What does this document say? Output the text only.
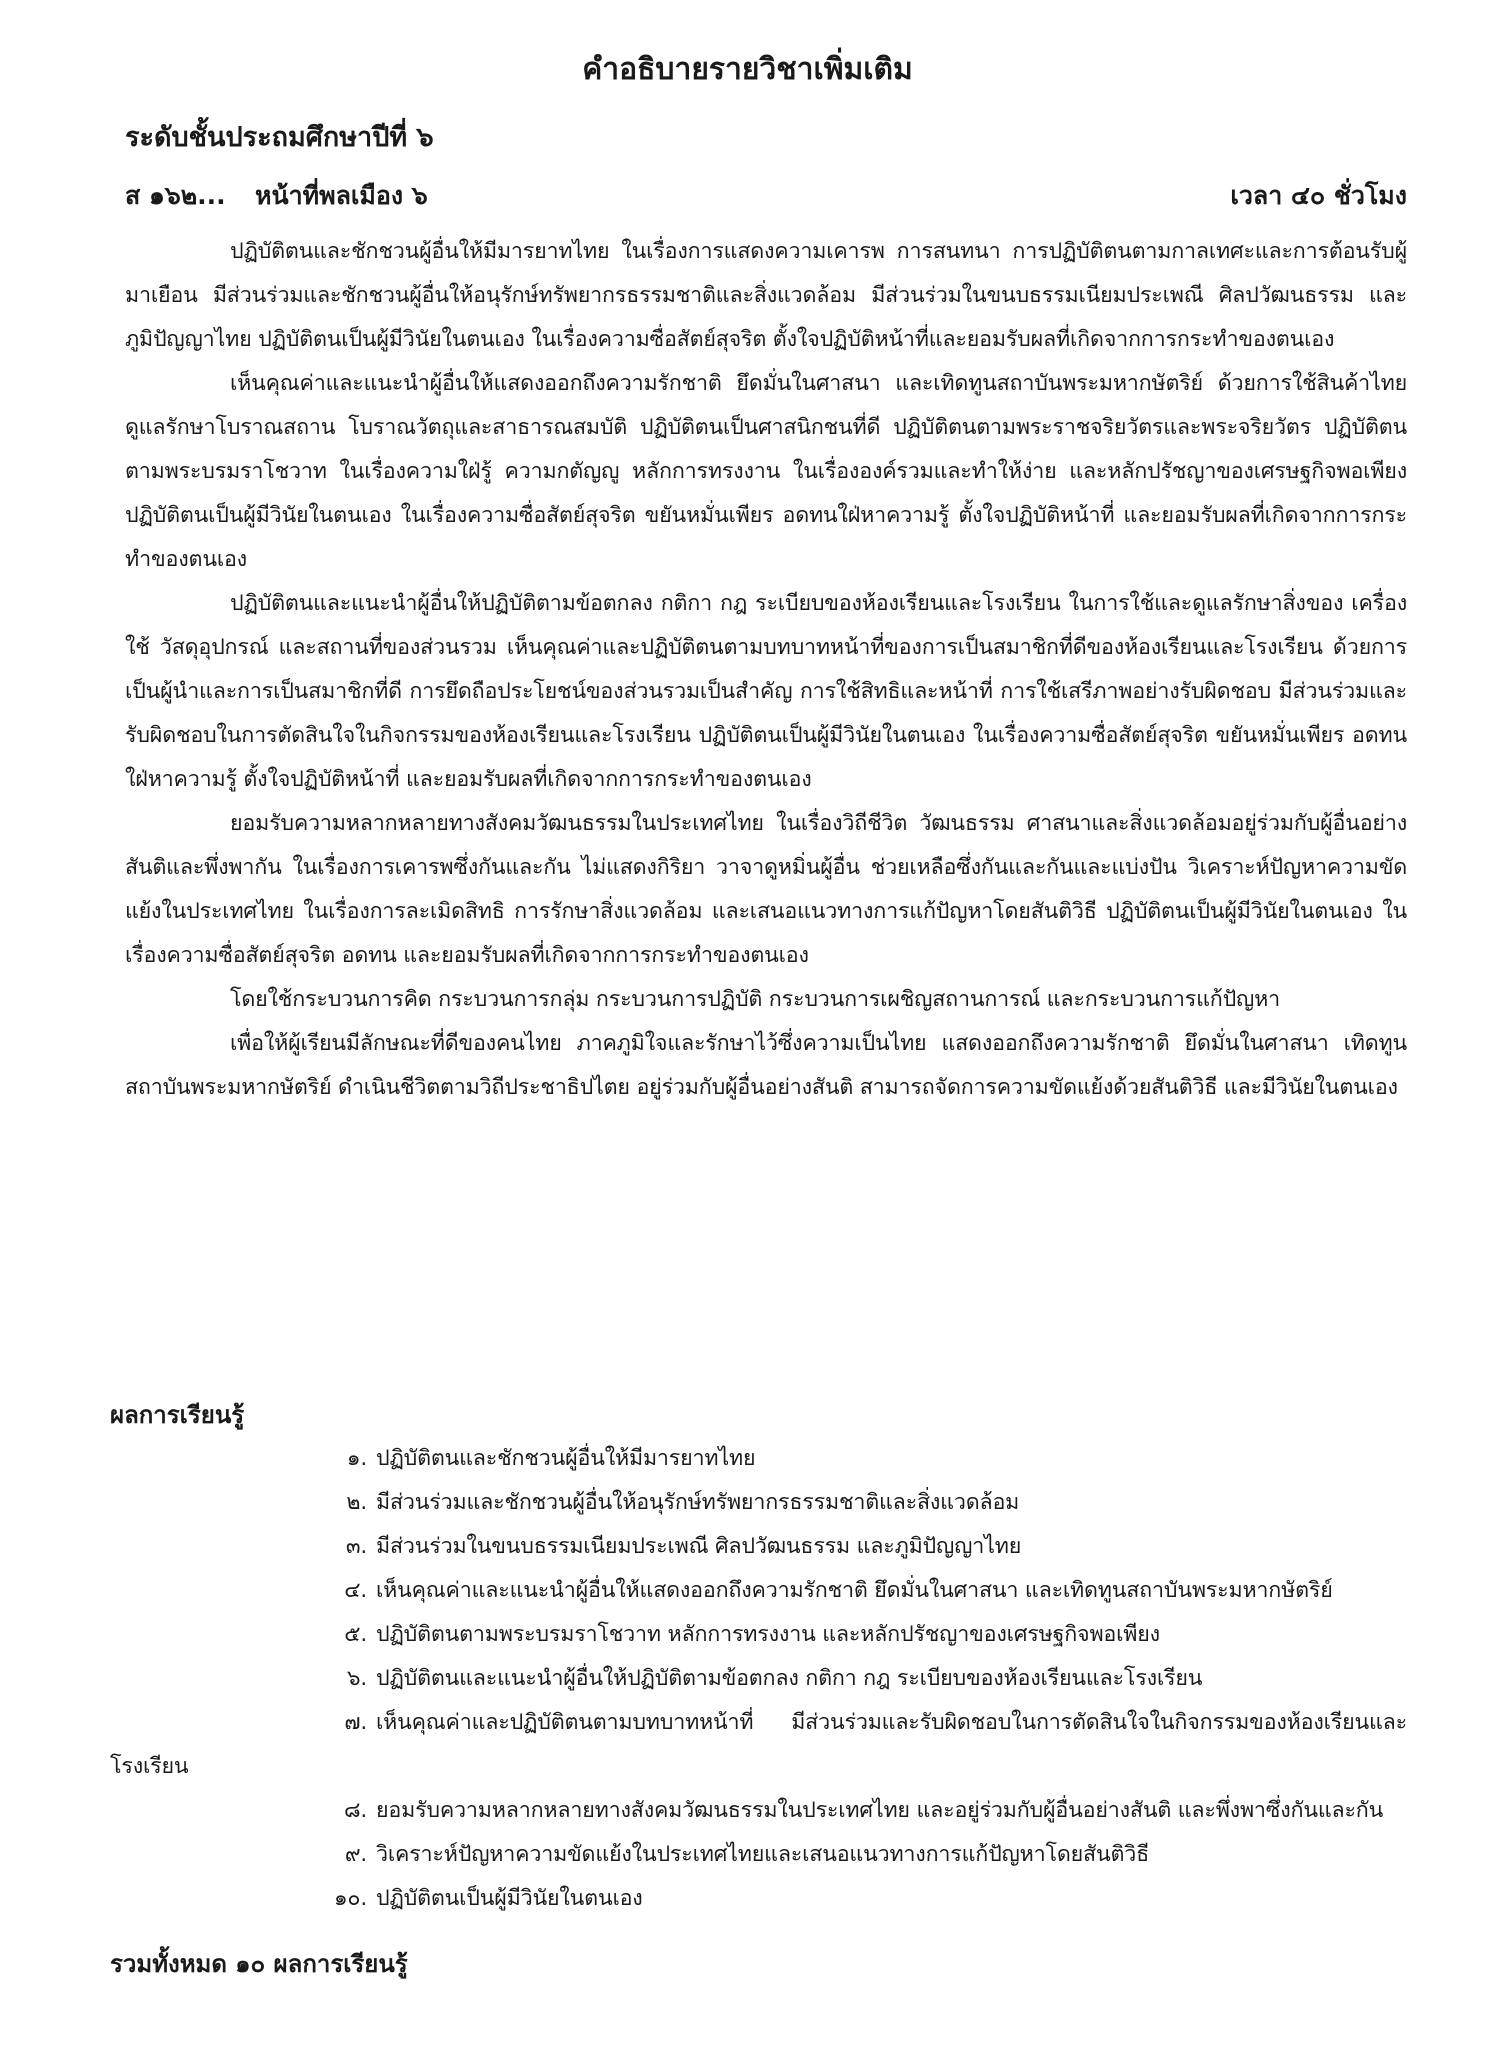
คำอธิบายรายวิชาเพิ่มเติม
ระดับชั้นประถมศึกษาปีที่ ๖
ส ๑๖๒... หน้าที่พลเมือง ๖	เวลา ๔๐ ชั่วโมง

ปฏิบัติตนและชักชวนผู้อื่นให้มีมารยาทไทย ในเรื่องการแสดงความเคารพ การสนทนา การปฏิบัติตนตามกาลเทศะและการต้อนรับผู้มาเยือน มีส่วนร่วมและชักชวนผู้อื่นให้อนุรักษ์ทรัพยากรธรรมชาติและสิ่งแวดล้อม มีส่วนร่วมในขนบธรรมเนียมประเพณี ศิลปวัฒนธรรม และภูมิปัญญาไทย ปฏิบัติตนเป็นผู้มีวินัยในตนเอง ในเรื่องความซื่อสัตย์สุจริต ตั้งใจปฏิบัติหน้าที่และยอมรับผลที่เกิดจากการกระทำของตนเอง

เห็นคุณค่าและแนะนำผู้อื่นให้แสดงออกถึงความรักชาติ ยึดมั่นในศาสนา และเทิดทูนสถาบันพระมหากษัตริย์ ด้วยการใช้สินค้าไทย ดูแลรักษาโบราณสถาน โบราณวัตถุและสาธารณสมบัติ ปฏิบัติตนเป็นศาสนิกชนที่ดี ปฏิบัติตนตามพระราชจริยวัตรและพระจริยวัตร ปฏิบัติตนตามพระบรมราโชวาท ในเรื่องความใฝ่รู้ ความกตัญญู หลักการทรงงาน ในเรื่ององค์รวมและทำให้ง่าย และหลักปรัชญาของเศรษฐกิจพอเพียง ปฏิบัติตนเป็นผู้มีวินัยในตนเอง ในเรื่องความซื่อสัตย์สุจริต ขยันหมั่นเพียร อดทนใฝ่หาความรู้ ตั้งใจปฏิบัติหน้าที่ และยอมรับผลที่เกิดจากการกระทำของตนเอง

ปฏิบัติตนและแนะนำผู้อื่นให้ปฏิบัติตามข้อตกลง กติกา กฎ ระเบียบของห้องเรียนและโรงเรียน ในการใช้และดูแลรักษาสิ่งของ เครื่องใช้ วัสดุอุปกรณ์ และสถานที่ของส่วนรวม เห็นคุณค่าและปฏิบัติตนตามบทบาทหน้าที่ของการเป็นสมาชิกที่ดีของห้องเรียนและโรงเรียน ด้วยการเป็นผู้นำและการเป็นสมาชิกที่ดี การยึดถือประโยชน์ของส่วนรวมเป็นสำคัญ การใช้สิทธิและหน้าที่ การใช้เสรีภาพอย่างรับผิดชอบ มีส่วนร่วมและรับผิดชอบในการตัดสินใจในกิจกรรมของห้องเรียนและโรงเรียน ปฏิบัติตนเป็นผู้มีวินัยในตนเอง ในเรื่องความซื่อสัตย์สุจริต ขยันหมั่นเพียร อดทน ใฝ่หาความรู้ ตั้งใจปฏิบัติหน้าที่ และยอมรับผลที่เกิดจากการกระทำของตนเอง

ยอมรับความหลากหลายทางสังคมวัฒนธรรมในประเทศไทย ในเรื่องวิถีชีวิต วัฒนธรรม ศาสนาและสิ่งแวดล้อมอยู่ร่วมกับผู้อื่นอย่างสันติและพึ่งพากัน ในเรื่องการเคารพซึ่งกันและกัน ไม่แสดงกิริยา วาจาดูหมิ่นผู้อื่น ช่วยเหลือซึ่งกันและกันและแบ่งปัน วิเคราะห์ปัญหาความขัดแย้งในประเทศไทย ในเรื่องการละเมิดสิทธิ การรักษาสิ่งแวดล้อม และเสนอแนวทางการแก้ปัญหาโดยสันติวิธี ปฏิบัติตนเป็นผู้มีวินัยในตนเอง ในเรื่องความซื่อสัตย์สุจริต อดทน และยอมรับผลที่เกิดจากการกระทำของตนเอง

โดยใช้กระบวนการคิด กระบวนการกลุ่ม กระบวนการปฏิบัติ กระบวนการเผชิญสถานการณ์ และกระบวนการแก้ปัญหา

เพื่อให้ผู้เรียนมีลักษณะที่ดีของคนไทย ภาคภูมิใจและรักษาไว้ซึ่งความเป็นไทย แสดงออกถึงความรักชาติ ยึดมั่นในศาสนา เทิดทูนสถาบันพระมหากษัตริย์ ดำเนินชีวิตตามวิถีประชาธิปไตย อยู่ร่วมกับผู้อื่นอย่างสันติ สามารถจัดการความขัดแย้งด้วยสันติวิธี และมีวินัยในตนเอง

ผลการเรียนรู้
๑. ปฏิบัติตนและชักชวนผู้อื่นให้มีมารยาทไทย
๒. มีส่วนร่วมและชักชวนผู้อื่นให้อนุรักษ์ทรัพยากรธรรมชาติและสิ่งแวดล้อม
๓. มีส่วนร่วมในขนบธรรมเนียมประเพณี ศิลปวัฒนธรรม และภูมิปัญญาไทย
๔. เห็นคุณค่าและแนะนำผู้อื่นให้แสดงออกถึงความรักชาติ ยึดมั่นในศาสนา และเทิดทูนสถาบันพระมหากษัตริย์
๕. ปฏิบัติตนตามพระบรมราโชวาท หลักการทรงงาน และหลักปรัชญาของเศรษฐกิจพอเพียง
๖. ปฏิบัติตนและแนะนำผู้อื่นให้ปฏิบัติตามข้อตกลง กติกา กฎ ระเบียบของห้องเรียนและโรงเรียน
๗. เห็นคุณค่าและปฏิบัติตนตามบทบาทหน้าที่ มีส่วนร่วมและรับผิดชอบในการตัดสินใจในกิจกรรมของห้องเรียนและ
โรงเรียน
๘. ยอมรับความหลากหลายทางสังคมวัฒนธรรมในประเทศไทย และอยู่ร่วมกับผู้อื่นอย่างสันติ และพึ่งพาซึ่งกันและกัน
๙. วิเคราะห์ปัญหาความขัดแย้งในประเทศไทยและเสนอแนวทางการแก้ปัญหาโดยสันติวิธี
๑๐. ปฏิบัติตนเป็นผู้มีวินัยในตนเอง
รวมทั้งหมด ๑๐ ผลการเรียนรู้
